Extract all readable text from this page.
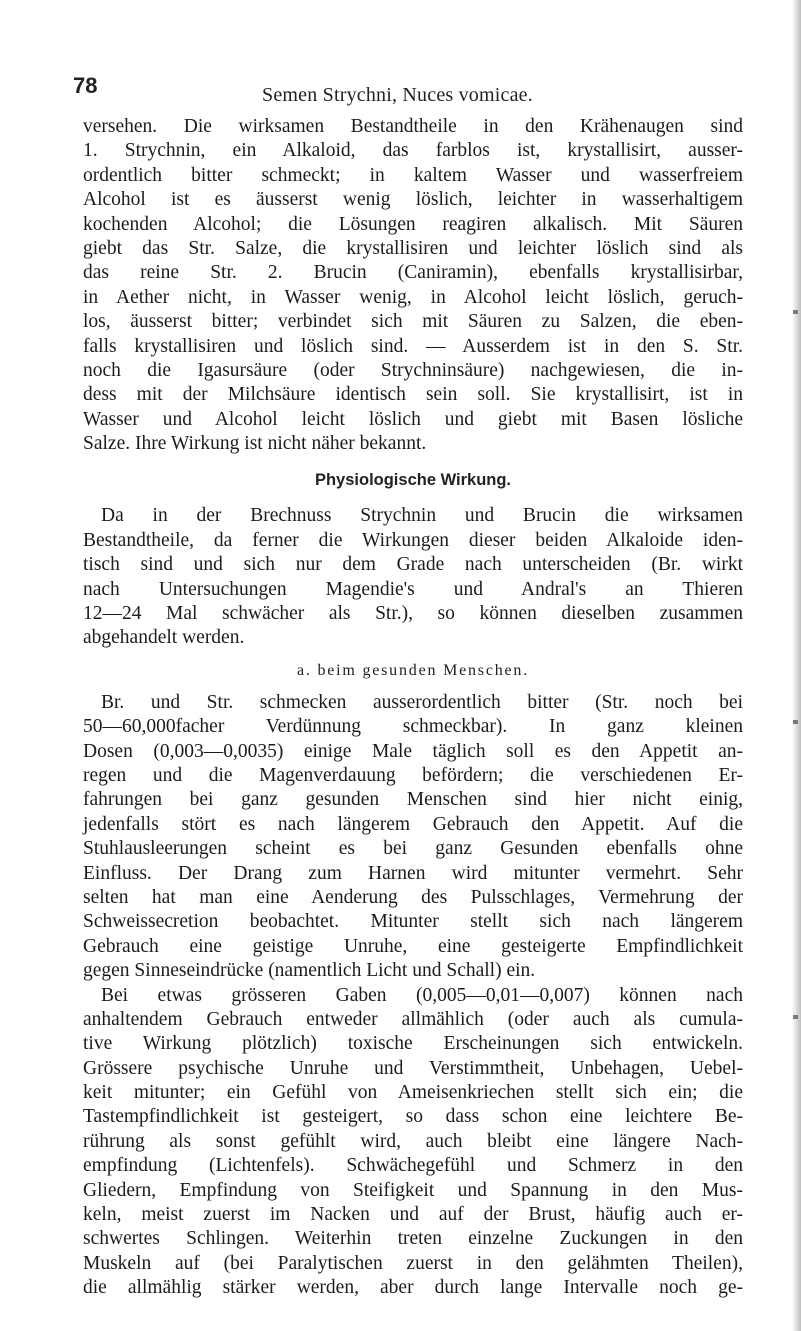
78	Semen Strychni, Nuces vomicae.
versehen. Die wirksamen Bestandtheile in den Krähenaugen sind
1. Strychnin, ein Alkaloid, das farblos ist, krystallisirt, ausser-
ordentlich bitter schmeckt; in kaltem Wasser und wasserfreiem
Alcohol ist es äusserst wenig löslich, leichter in wasserhaltigem
kochenden Alcohol; die Lösungen reagiren alkalisch. Mit Säuren
giebt das Str. Salze, die krystallisiren und leichter löslich sind als
das reine Str. 2. Brucin (Caniramin), ebenfalls krystallisirbar,
in Aether nicht, in Wasser wenig, in Alcohol leicht löslich, geruch-
los, äusserst bitter; verbindet sich mit Säuren zu Salzen, die eben-
falls krystallisiren und löslich sind. — Ausserdem ist in den S. Str.
noch die Igasursäure (oder Strychninsäure) nachgewiesen, die in-
dess mit der Milchsäure identisch sein soll. Sie krystallisirt, ist in
Wasser und Alcohol leicht löslich und giebt mit Basen lösliche
Salze. Ihre Wirkung ist nicht näher bekannt.
Physiologische Wirkung.
Da in der Brechnuss Strychnin und Brucin die wirksamen
Bestandtheile, da ferner die Wirkungen dieser beiden Alkaloide iden-
tisch sind und sich nur dem Grade nach unterscheiden (Br. wirkt
nach Untersuchungen Magendie's und Andral's an Thieren
12—24 Mal schwächer als Str.), so können dieselben zusammen
abgehandelt werden.
a. beim gesunden Menschen.
Br. und Str. schmecken ausserordentlich bitter (Str. noch bei
50—60,000facher Verdünnung schmeckbar). In ganz kleinen
Dosen (0,003—0,0035) einige Male täglich soll es den Appetit an-
regen und die Magenverdauung befördern; die verschiedenen Er-
fahrungen bei ganz gesunden Menschen sind hier nicht einig,
jedenfalls stört es nach längerem Gebrauch den Appetit. Auf die
Stuhlausleerungen scheint es bei ganz Gesunden ebenfalls ohne
Einfluss. Der Drang zum Harnen wird mitunter vermehrt. Sehr
selten hat man eine Aenderung des Pulsschlages, Vermehrung der
Schweissecretion beobachtet. Mitunter stellt sich nach längerem
Gebrauch eine geistige Unruhe, eine gesteigerte Empfindlichkeit
gegen Sinneseindrücke (namentlich Licht und Schall) ein.
Bei etwas grösseren Gaben (0,005—0,01—0,007) können nach
anhaltendem Gebrauch entweder allmählich (oder auch als cumula-
tive Wirkung plötzlich) toxische Erscheinungen sich entwickeln.
Grössere psychische Unruhe und Verstimmtheit, Unbehagen, Uebel-
keit mitunter; ein Gefühl von Ameisenkriechen stellt sich ein; die
Tastempfindlichkeit ist gesteigert, so dass schon eine leichtere Be-
rührung als sonst gefühlt wird, auch bleibt eine längere Nach-
empfindung (Lichtenfels). Schwächegefühl und Schmerz in den
Gliedern, Empfindung von Steifigkeit und Spannung in den Mus-
keln, meist zuerst im Nacken und auf der Brust, häufig auch er-
schwertes Schlingen. Weiterhin treten einzelne Zuckungen in den
Muskeln auf (bei Paralytischen zuerst in den gelähmten Theilen),
die allmählig stärker werden, aber durch lange Intervalle noch ge-
